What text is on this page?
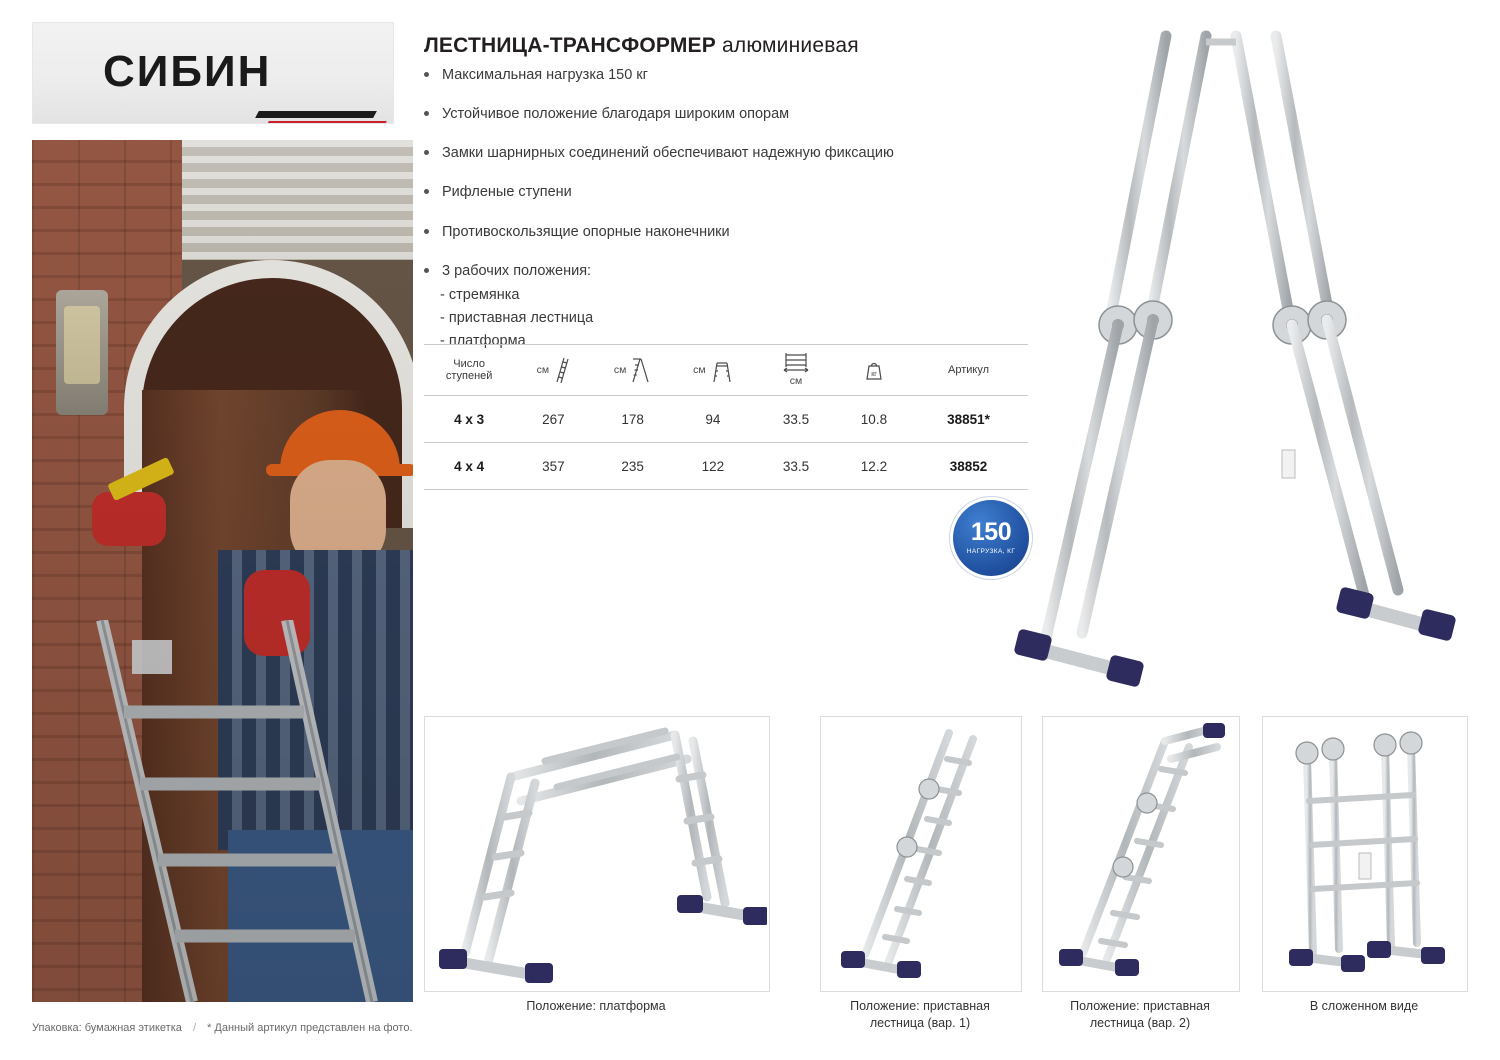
СИБИН
ЛЕСТНИЦА-ТРАНСФОРМЕР алюминиевая
Максимальная нагрузка 150 кг
Устойчивое положение благодаря широким опорам
Замки шарнирных соединений обеспечивают надежную фиксацию
Рифленые ступени
Противоскользящие опорные наконечники
3 рабочих положения:
- стремянка
- приставная лестница
- платформа
Число
ступеней	см	см	см	см	кг	Артикул
4 х 3	267	178	94	33.5	10.8	38851*
4 х 4	357	235	122	33.5	12.2	38852
150
НАГРУЗКА, КГ
Положение: платформа	Положение: приставная
лестница (вар. 1)
Положение: приставная
лестница (вар. 2)
В сложенном виде
Упаковка: бумажная этикетка / * Данный артикул представлен на фото.
